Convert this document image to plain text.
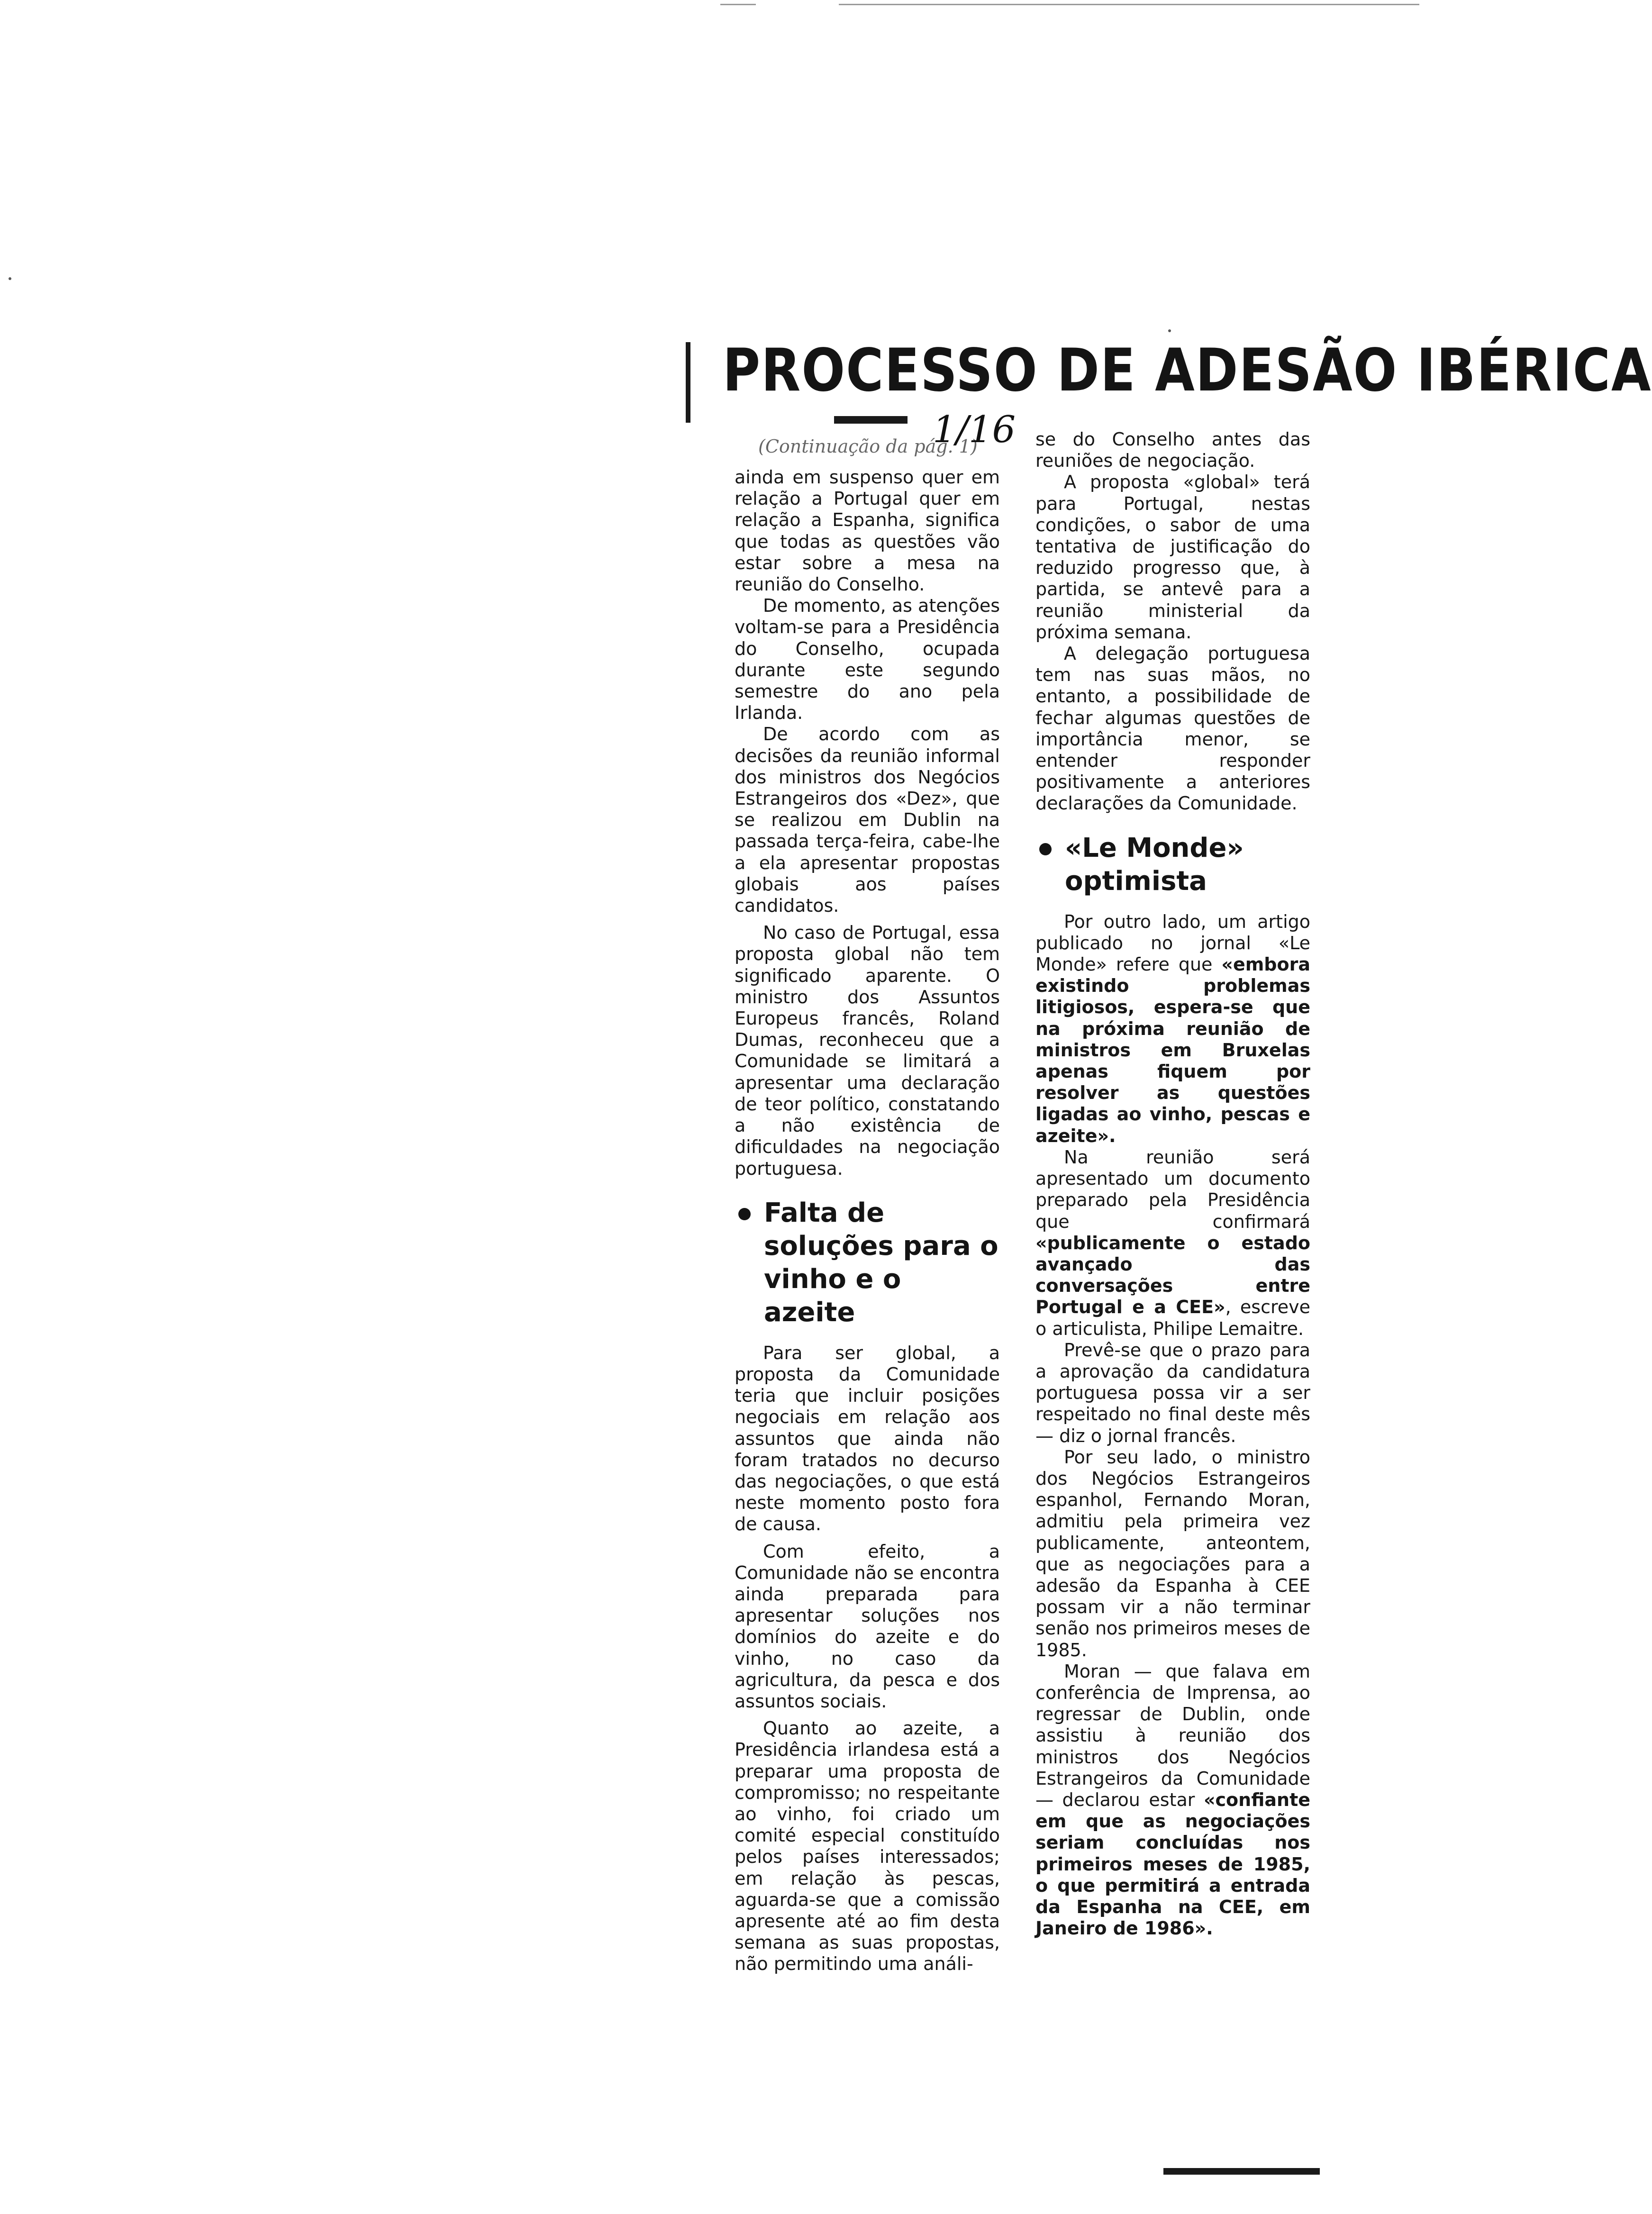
PROCESSO DE ADESÃO IBÉRICA

(Continuação da pág. 1)

1/16

ainda em suspenso quer em relação a Portugal quer em relação a Espanha, significa que todas as questões vão estar sobre a mesa na reunião do Conselho.

De momento, as atenções voltam-se para a Presidência do Conselho, ocupada durante este segundo semestre do ano pela Irlanda.

De acordo com as decisões da reunião informal dos ministros dos Negócios Estrangeiros dos «Dez», que se realizou em Dublin na passada terça-feira, cabe-lhe a ela apresentar propostas globais aos países candidatos.

No caso de Portugal, essa proposta global não tem significado aparente. O ministro dos Assuntos Europeus francês, Roland Dumas, reconheceu que a Comunidade se limitará a apresentar uma declaração de teor político, constatando a não existência de dificuldades na negociação portuguesa.

Falta de soluções para o vinho e o azeite

Para ser global, a proposta da Comunidade teria que incluir posições negociais em relação aos assuntos que ainda não foram tratados no decurso das negociações, o que está neste momento posto fora de causa.

Com efeito, a Comunidade não se encontra ainda preparada para apresentar soluções nos domínios do azeite e do vinho, no caso da agricultura, da pesca e dos assuntos sociais.

Quanto ao azeite, a Presidência irlandesa está a preparar uma proposta de compromisso; no respeitante ao vinho, foi criado um comité especial constituído pelos países interessados; em relação às pescas, aguarda-se que a comissão apresente até ao fim desta semana as suas propostas, não permitindo uma análi-

se do Conselho antes das reuniões de negociação.

A proposta «global» terá para Portugal, nestas condições, o sabor de uma tentativa de justificação do reduzido progresso que, à partida, se antevê para a reunião ministerial da próxima semana.

A delegação portuguesa tem nas suas mãos, no entanto, a possibilidade de fechar algumas questões de importância menor, se entender responder positivamente a anteriores declarações da Comunidade.

«Le Monde» optimista

Por outro lado, um artigo publicado no jornal «Le Monde» refere que «embora existindo problemas litigiosos, espera-se que na próxima reunião de ministros em Bruxelas apenas fiquem por resolver as questões ligadas ao vinho, pescas e azeite».

Na reunião será apresentado um documento preparado pela Presidência que confirmará «publicamente o estado avançado das conversações entre Portugal e a CEE», escreve o articulista, Philipe Lemaitre.

Prevê-se que o prazo para a aprovação da candidatura portuguesa possa vir a ser respeitado no final deste mês — diz o jornal francês.

Por seu lado, o ministro dos Negócios Estrangeiros espanhol, Fernando Moran, admitiu pela primeira vez publicamente, anteontem, que as negociações para a adesão da Espanha à CEE possam vir a não terminar senão nos primeiros meses de 1985.

Moran — que falava em conferência de Imprensa, ao regressar de Dublin, onde assistiu à reunião dos ministros dos Negócios Estrangeiros da Comunidade — declarou estar «confiante em que as negociações seriam concluídas nos primeiros meses de 1985, o que permitirá a entrada da Espanha na CEE, em Janeiro de 1986».
